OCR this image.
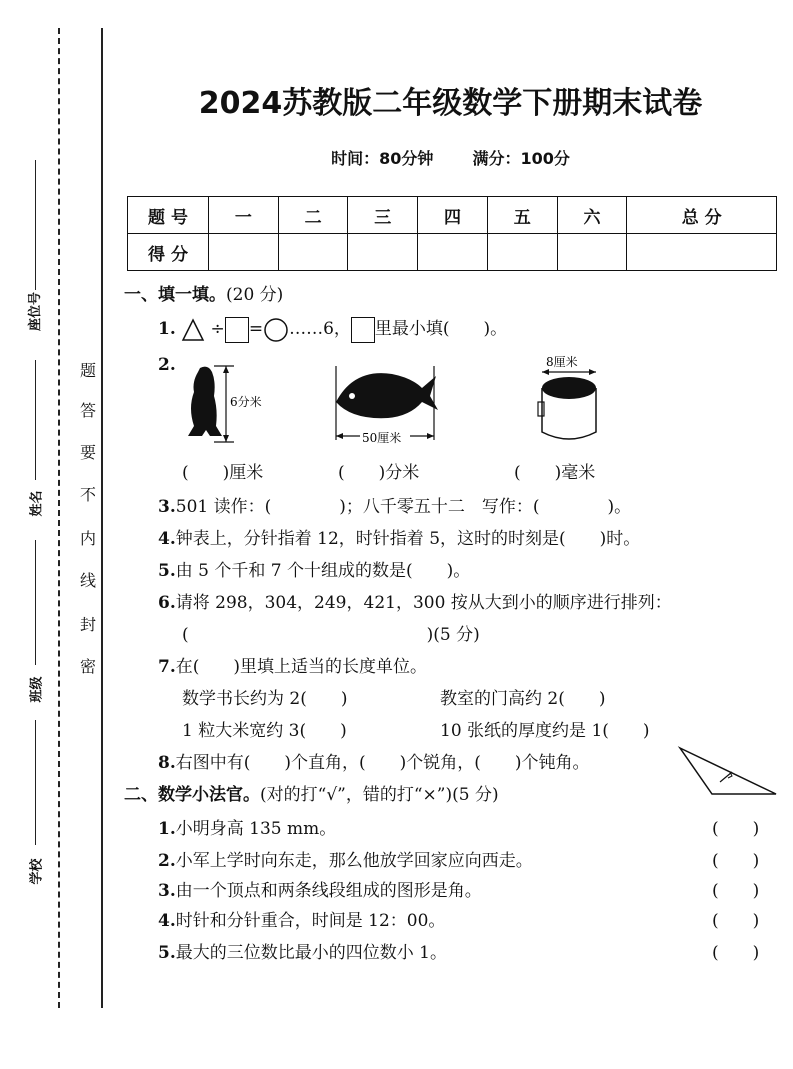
座位号
姓名
班级
学校
题
答
要
不
内
线
封
密
2024苏教版二年级数学下册期末试卷
时间：80分钟 满分：100分
题 号	一	二	三	四	五	六	总 分
得 分							
一、填一填。(20 分)
1.  ÷ = ……6， 里最小填(　　)。
2.
6分米
50厘米
8厘米
(　　)厘米	(　　)分米	(　　)毫米
3.501 读作：(　　　　)；八千零五十二　写作：(　　　　)。
4.钟表上，分针指着 12，时针指着 5，这时的时刻是(　　)时。
5.由 5 个千和 7 个十组成的数是(　　)。
6.请将 298，304，249，421，300 按从大到小的顺序进行排列：
(　　　　　　　　　　　　　　)(5 分)
7.在(　　)里填上适当的长度单位。
数学书长约为 2(　　)	教室的门高约 2(　　)
1 粒大米宽约 3(　　)	10 张纸的厚度约是 1(　　)
8.右图中有(　　)个直角，(　　)个锐角，(　　)个钝角。
二、数学小法官。(对的打“√”，错的打“×”)(5 分)
1.小明身高 135 mm。	(　　)
2.小军上学时向东走，那么他放学回家应向西走。	(　　)
3.由一个顶点和两条线段组成的图形是角。	(　　)
4.时针和分针重合，时间是 12：00。	(　　)
5.最大的三位数比最小的四位数小 1。	(　　)
